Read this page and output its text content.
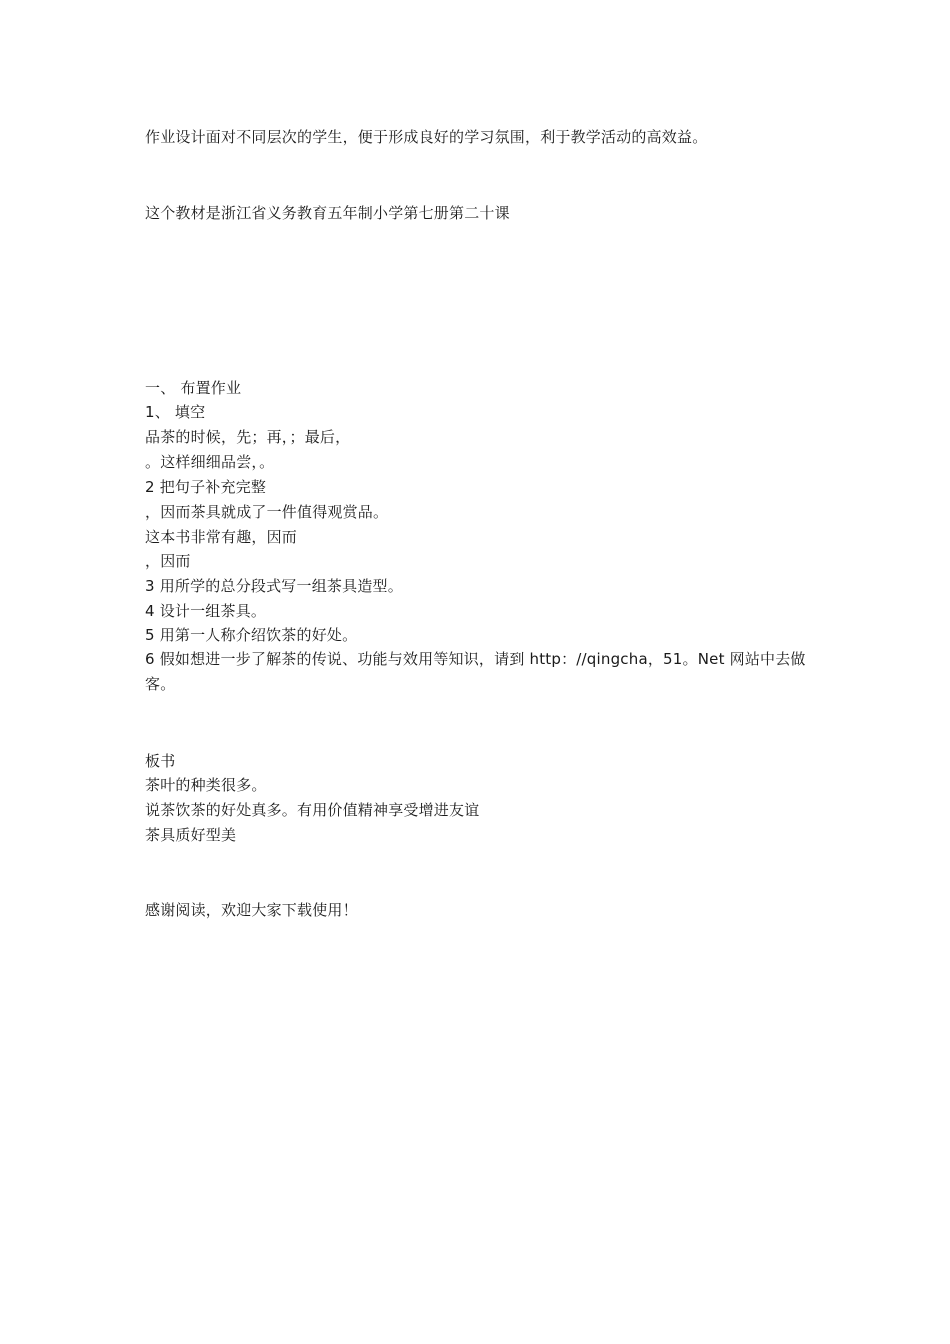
作业设计面对不同层次的学生，便于形成良好的学习氛围，利于教学活动的高效益。
这个教材是浙江省义务教育五年制小学第七册第二十课
一、 布置作业
1、 填空
品茶的时候，先；再，；最后，
。这样细细品尝，。
2 把句子补充完整
，因而茶具就成了一件值得观赏品。
这本书非常有趣，因而
，因而
3 用所学的总分段式写一组茶具造型。
4 设计一组茶具。
5 用第一人称介绍饮茶的好处。
6 假如想进一步了解茶的传说、功能与效用等知识，请到 http：//qingcha，51。Net 网站中去做客。
板书
茶叶的种类很多。
说茶饮茶的好处真多。有用价值精神享受增进友谊
茶具质好型美
感谢阅读，欢迎大家下载使用！
